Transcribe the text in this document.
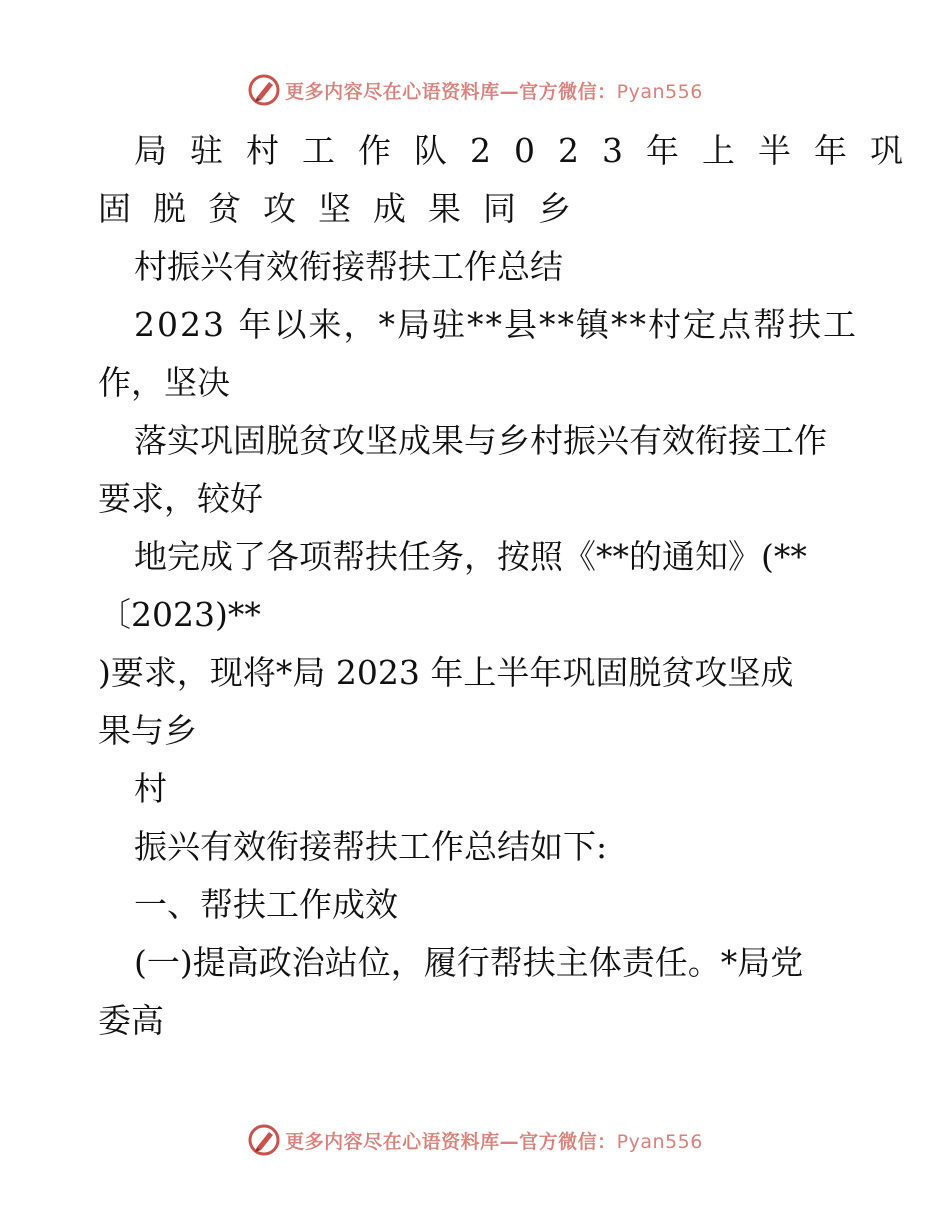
更多内容尽在心语资料库—官方微信：Pyan556
局驻村工作队2023年上半年巩
固脱贫攻坚成果同乡
村振兴有效衔接帮扶工作总结
2023 年以来，*局驻**县**镇**村定点帮扶工
作，坚决
落实巩固脱贫攻坚成果与乡村振兴有效衔接工作
要求，较好
地完成了各项帮扶任务，按照《**的通知》(**
〔2023)**
)要求，现将*局 2023 年上半年巩固脱贫攻坚成
果与乡
村
振兴有效衔接帮扶工作总结如下:
一、帮扶工作成效
(一)提高政治站位，履行帮扶主体责任。*局党
委高
更多内容尽在心语资料库—官方微信：Pyan556
